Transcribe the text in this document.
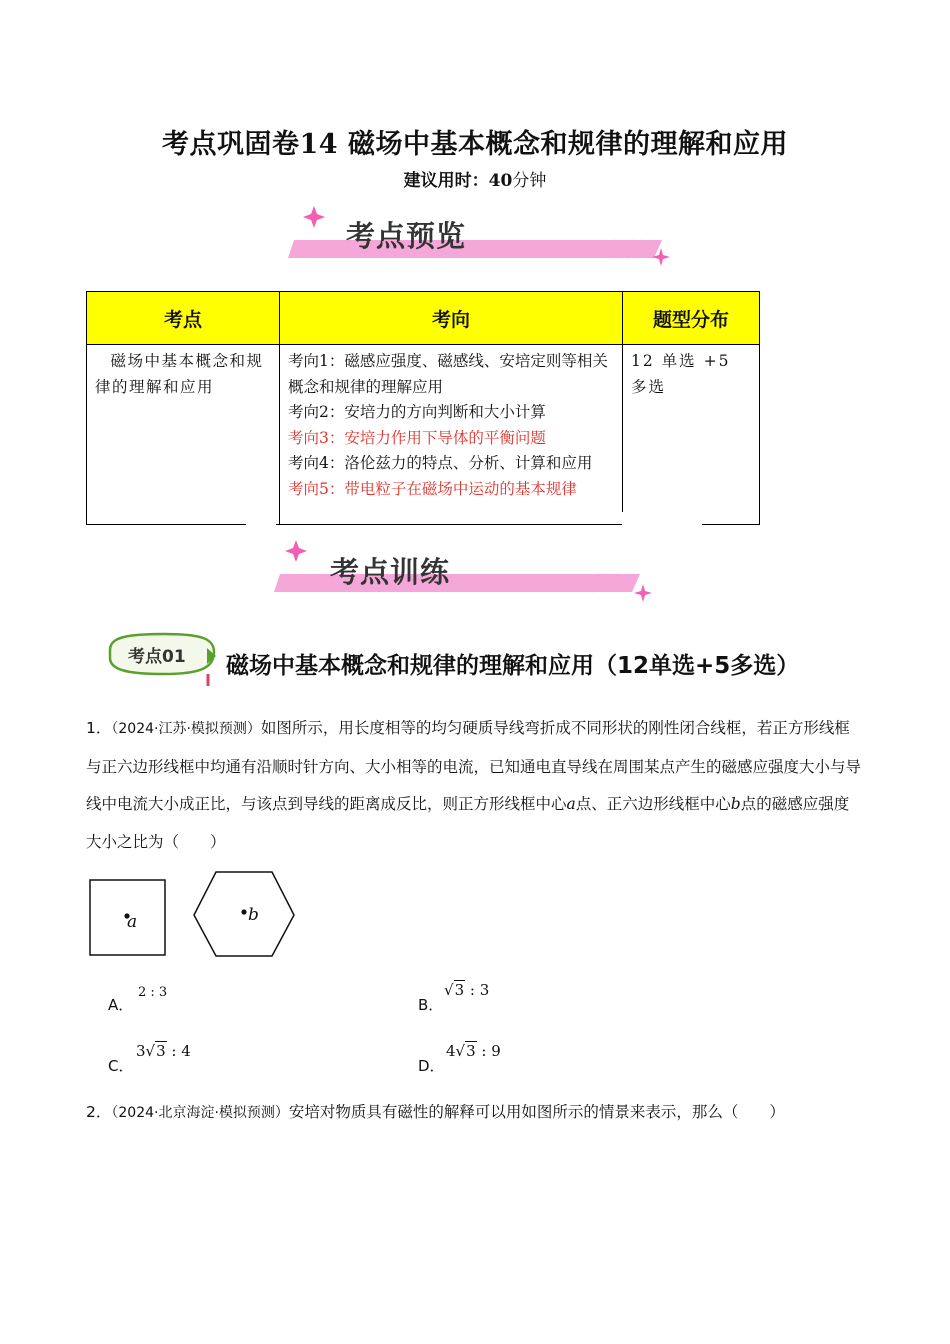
考点巩固卷14 磁场中基本概念和规律的理解和应用
建议用时：40分钟
考点预览
考点	考向	题型分布
磁场中基本概念和规律的理解和应用	考向1：磁感应强度、磁感线、安培定则等相关概念和规律的理解应用
考向2：安培力的方向判断和大小计算
考向3：安培力作用下导体的平衡问题
考向4：洛伦兹力的特点、分析、计算和应用
考向5：带电粒子在磁场中运动的基本规律	12 单选 +5 多选
考点训练
考点01 磁场中基本概念和规律的理解和应用（12单选+5多选）
1．（2024·江苏·模拟预测）如图所示，用长度相等的均匀硬质导线弯折成不同形状的刚性闭合线框，若正方形线框与正六边形线框中均通有沿顺时针方向、大小相等的电流，已知通电直导线在周围某点产生的磁感应强度大小与导线中电流大小成正比，与该点到导线的距离成反比，则正方形线框中心a点、正六边形线框中心b点的磁感应强度大小之比为（　　）
a	b
A．
2 : 3
B．
√3 : 3
C．
3√3 : 4
D．
4√3 : 9
2．（2024·北京海淀·模拟预测）安培对物质具有磁性的解释可以用如图所示的情景来表示，那么（　　）
